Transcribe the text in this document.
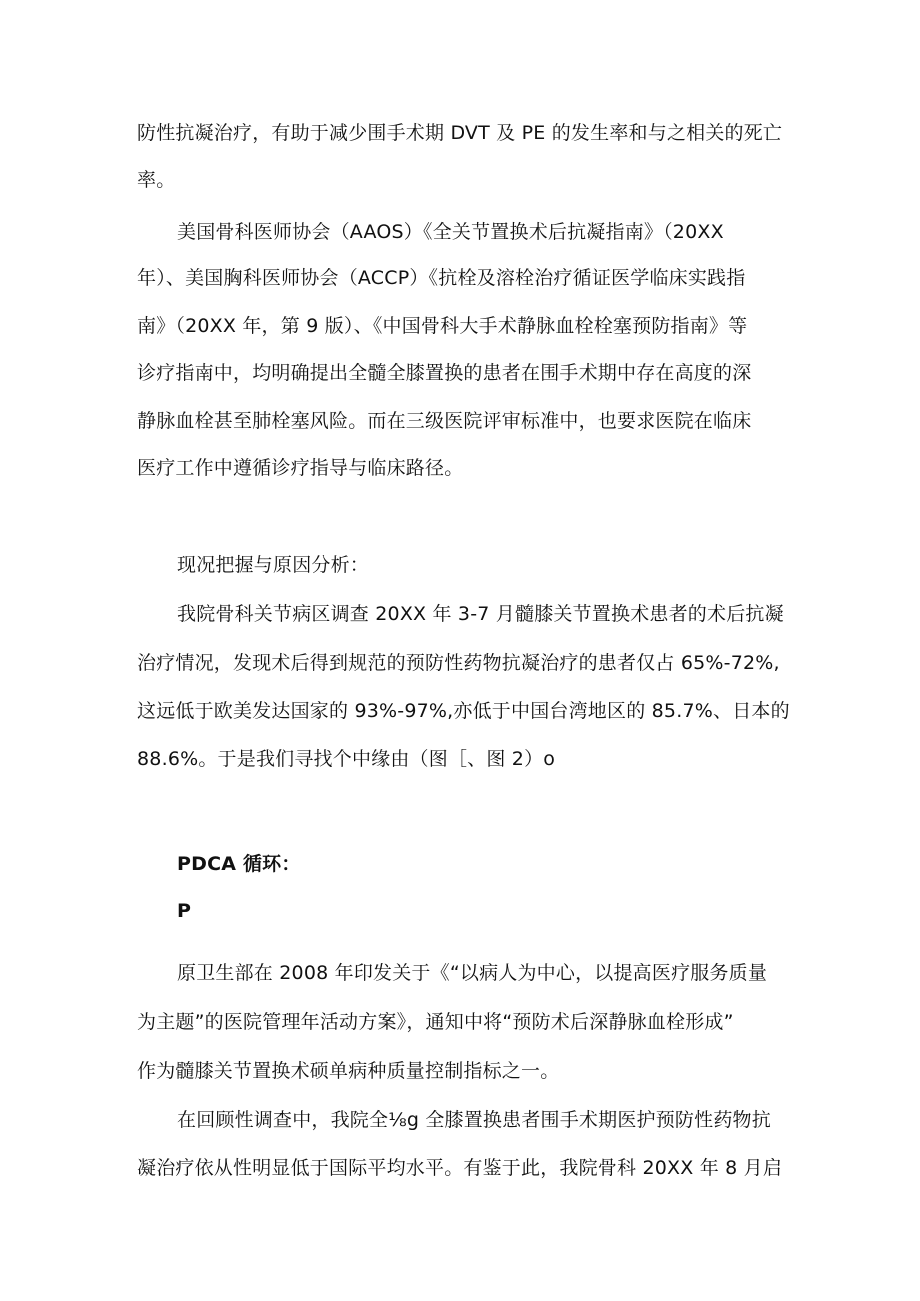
防性抗凝治疗，有助于减少围手术期 DVT 及 PE 的发生率和与之相关的死亡
率。
美国骨科医师协会（AAOS）《全关节置换术后抗凝指南》（20XX
年）、美国胸科医师协会（ACCP）《抗栓及溶栓治疗循证医学临床实践指
南》（20XX 年，第 9 版）、《中国骨科大手术静脉血栓栓塞预防指南》等
诊疗指南中，均明确提出全髓全膝置换的患者在围手术期中存在高度的深
静脉血栓甚至肺栓塞风险。而在三级医院评审标准中，也要求医院在临床
医疗工作中遵循诊疗指导与临床路径。
现况把握与原因分析：
我院骨科关节病区调查 20XX 年 3-7 月髓膝关节置换术患者的术后抗凝
治疗情况，发现术后得到规范的预防性药物抗凝治疗的患者仅占 65%-72%,
这远低于欧美发达国家的 93%-97%,亦低于中国台湾地区的 85.7%、日本的
88.6%。于是我们寻找个中缘由（图［、图 2）o
PDCA 循环：
P
原卫生部在 2008 年印发关于《“以病人为中心，以提高医疗服务质量
为主题”的医院管理年活动方案》，通知中将“预防术后深静脉血栓形成”
作为髓膝关节置换术硕单病种质量控制指标之一。
在回顾性调查中，我院全⅛g 全膝置换患者围手术期医护预防性药物抗
凝治疗依从性明显低于国际平均水平。有鉴于此，我院骨科 20XX 年 8 月启
